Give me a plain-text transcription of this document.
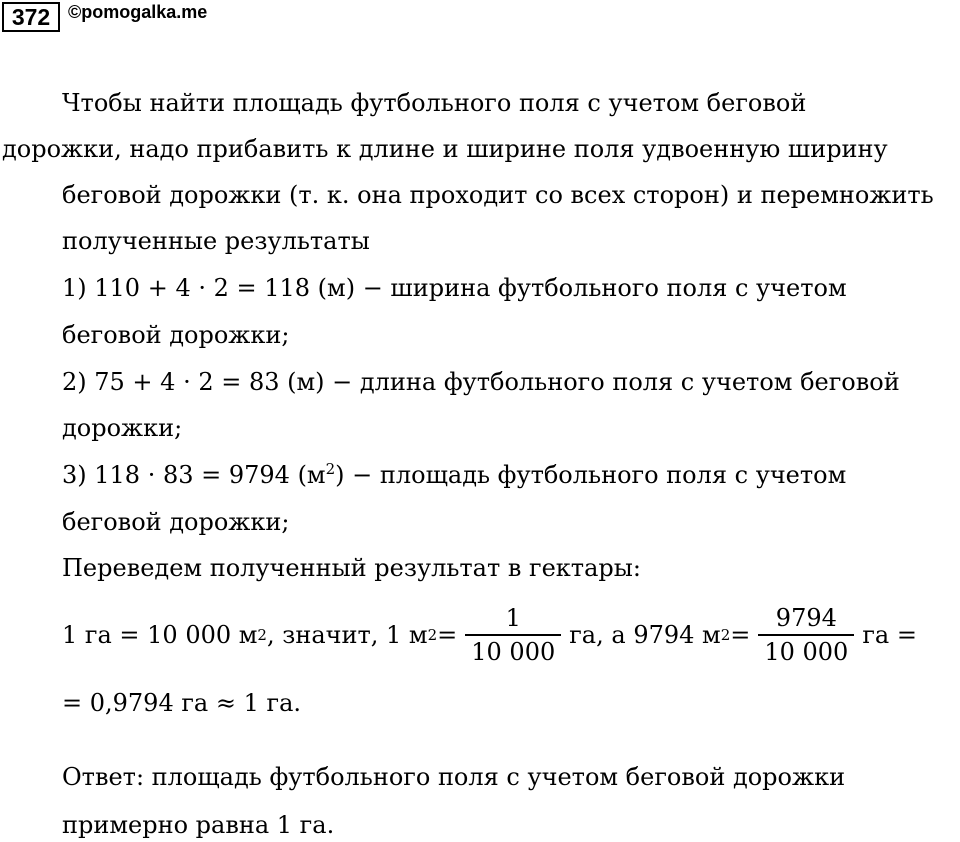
372 ©pomogalka.me
Чтобы найти площадь футбольного поля с учетом беговой
дорожки, надо прибавить к длине и ширине поля удвоенную ширину
беговой дорожки (т. к. она проходит со всех сторон) и перемножить
полученные результаты
1) 110 + 4 · 2 = 118 (м) − ширина футбольного поля с учетом
беговой дорожки;
2) 75 + 4 · 2 = 83 (м) − длина футбольного поля с учетом беговой
дорожки;
3) 118 · 83 = 9794 $(м^2)$ − площадь футбольного поля с учетом
беговой дорожки;
Переведем полученный результат в гектары:
1 га = 10 000 м 2 , значит, 1 м $2 = \frac{1}{10 000}$ га, а 9794 м $2 = \frac{9794}{10 000}$ га =
= 0,9794 га ≈ 1 га.
Ответ: площадь футбольного поля с учетом беговой дорожки
примерно равна 1 га.
